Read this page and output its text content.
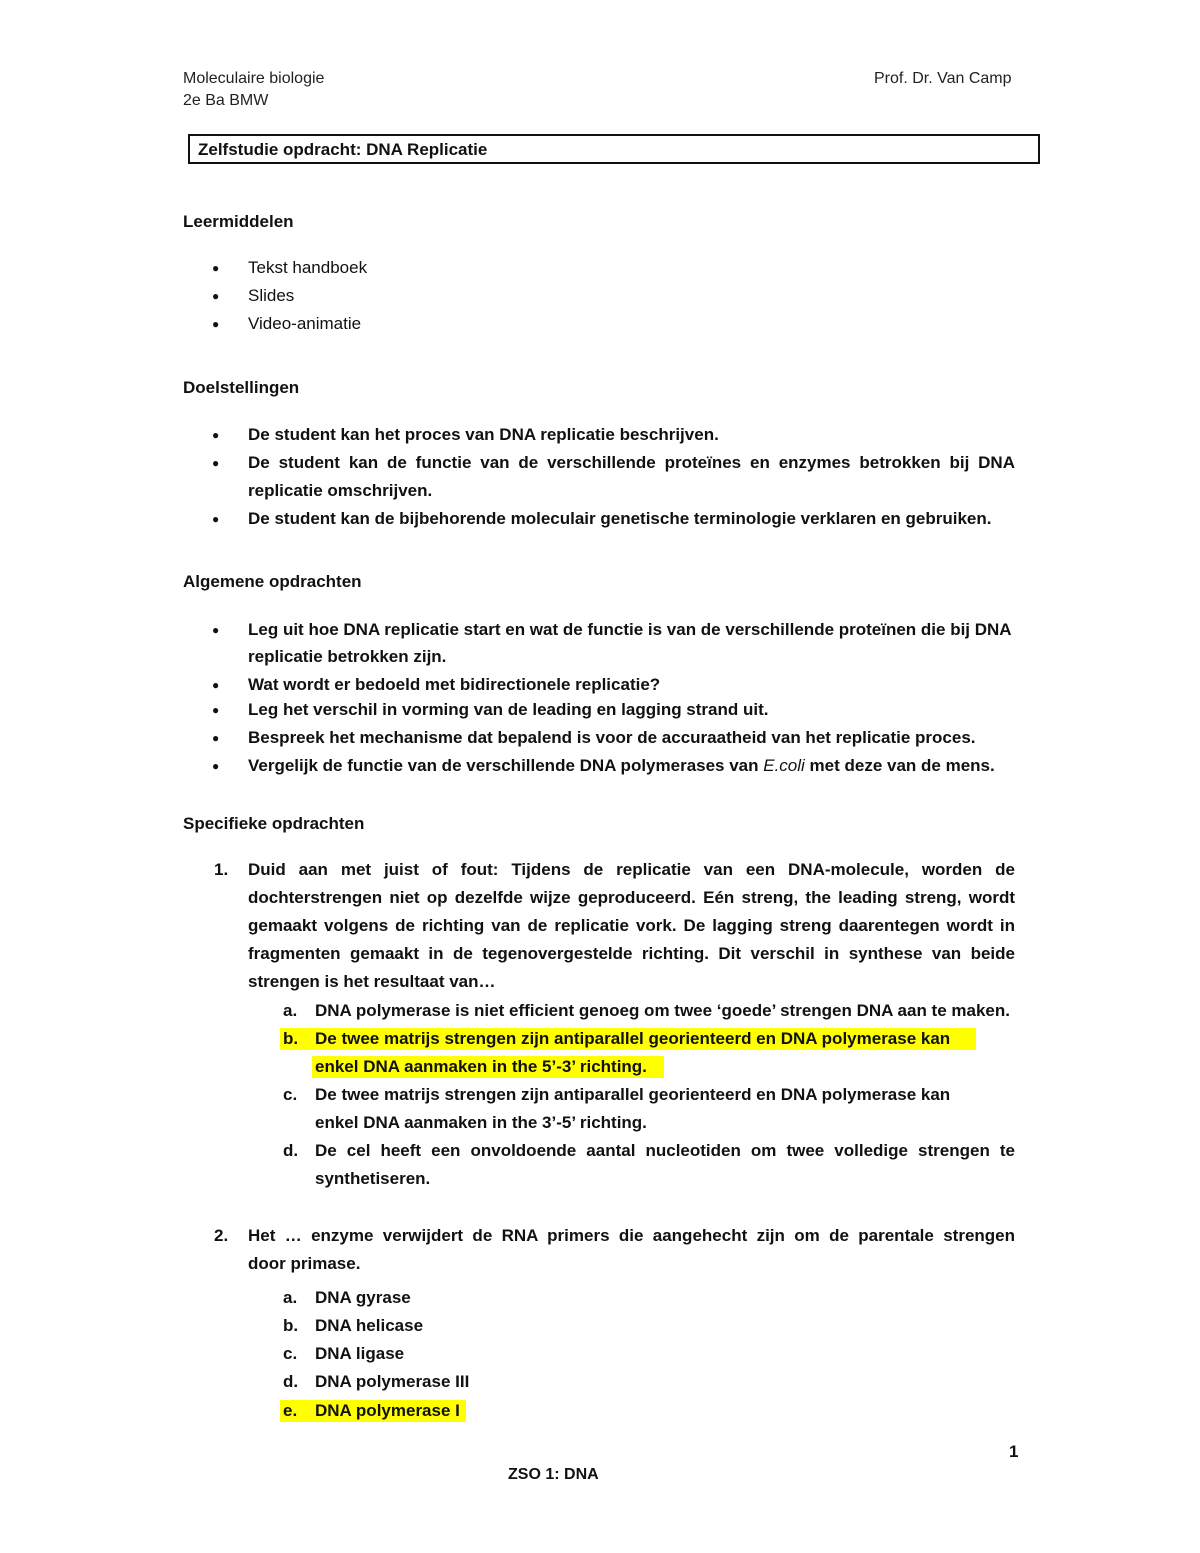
Moleculaire biologie
2e Ba BMW
Prof. Dr. Van Camp
Zelfstudie opdracht: DNA Replicatie
Leermiddelen
● Tekst handboek
● Slides
● Video-animatie
Doelstellingen
● De student kan het proces van DNA replicatie beschrijven.
● De student kan de functie van de verschillende proteïnes en enzymes betrokken bij DNA
replicatie omschrijven.
● De student kan de bijbehorende moleculair genetische terminologie verklaren en gebruiken.
Algemene opdrachten
● Leg uit hoe DNA replicatie start en wat de functie is van de verschillende proteïnen die bij DNA
replicatie betrokken zijn.
● Wat wordt er bedoeld met bidirectionele replicatie?
● Leg het verschil in vorming van de leading en lagging strand uit.
● Bespreek het mechanisme dat bepalend is voor de accuraatheid van het replicatie proces.
● Vergelijk de functie van de verschillende DNA polymerases van E.coli met deze van de mens.
Specifieke opdrachten
1. Duid aan met juist of fout: Tijdens de replicatie van een DNA-molecule, worden de
dochterstrengen niet op dezelfde wijze geproduceerd. Eén streng, the leading streng, wordt
gemaakt volgens de richting van de replicatie vork. De lagging streng daarentegen wordt in
fragmenten gemaakt in de tegenovergestelde richting. Dit verschil in synthese van beide
strengen is het resultaat van…
a. DNA polymerase is niet efficient genoeg om twee ‘goede’ strengen DNA aan te maken.
b. De twee matrijs strengen zijn antiparallel georienteerd en DNA polymerase kan
enkel DNA aanmaken in the 5’-3’ richting.
c. De twee matrijs strengen zijn antiparallel georienteerd en DNA polymerase kan
enkel DNA aanmaken in the 3’-5’ richting.
d. De cel heeft een onvoldoende aantal nucleotiden om twee volledige strengen te
synthetiseren.
2. Het … enzyme verwijdert de RNA primers die aangehecht zijn om de parentale strengen
door primase.
a. DNA gyrase
b. DNA helicase
c. DNA ligase
d. DNA polymerase III
e. DNA polymerase I
1
ZSO 1: DNA
